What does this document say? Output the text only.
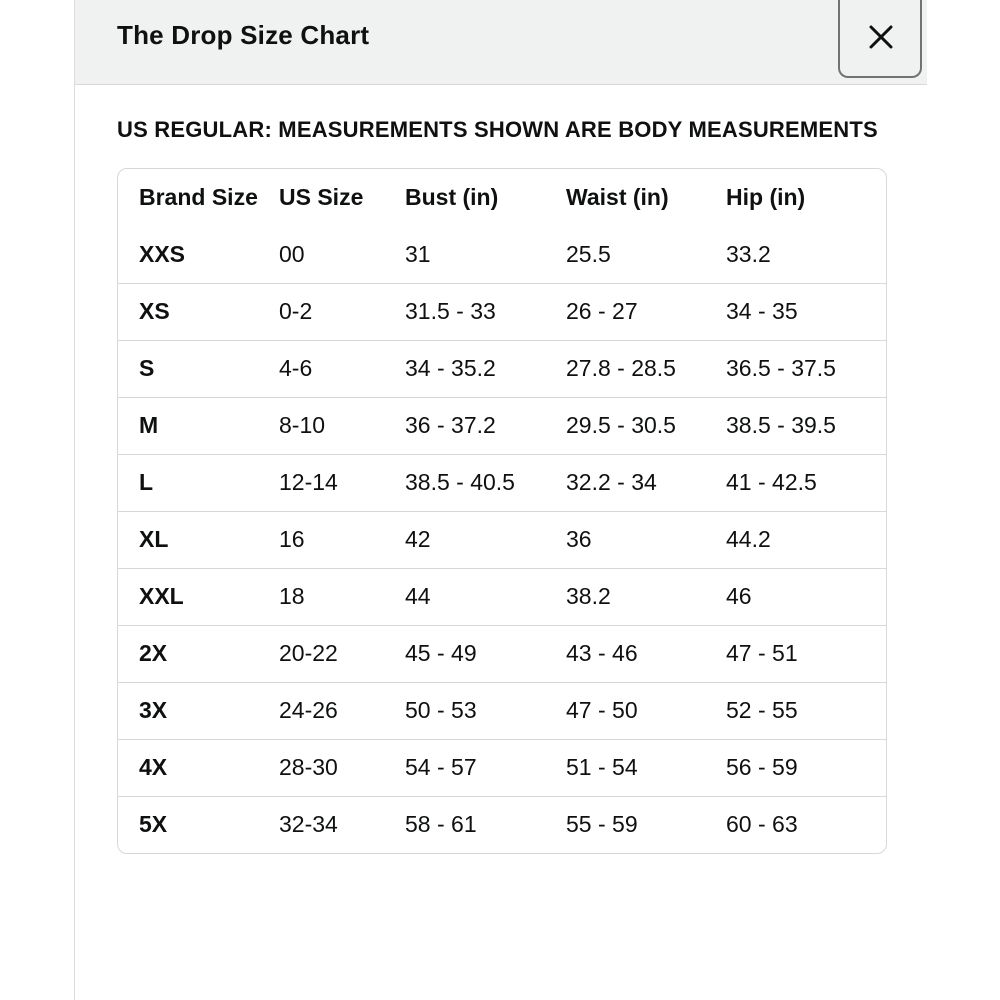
The Drop Size Chart
US REGULAR: MEASUREMENTS SHOWN ARE BODY MEASUREMENTS
Brand Size	US Size	Bust (in)	Waist (in)	Hip (in)
XXS	00	31	25.5	33.2
XS	0-2	31.5 - 33	26 - 27	34 - 35
S	4-6	34 - 35.2	27.8 - 28.5	36.5 - 37.5
M	8-10	36 - 37.2	29.5 - 30.5	38.5 - 39.5
L	12-14	38.5 - 40.5	32.2 - 34	41 - 42.5
XL	16	42	36	44.2
XXL	18	44	38.2	46
2X	20-22	45 - 49	43 - 46	47 - 51
3X	24-26	50 - 53	47 - 50	52 - 55
4X	28-30	54 - 57	51 - 54	56 - 59
5X	32-34	58 - 61	55 - 59	60 - 63
